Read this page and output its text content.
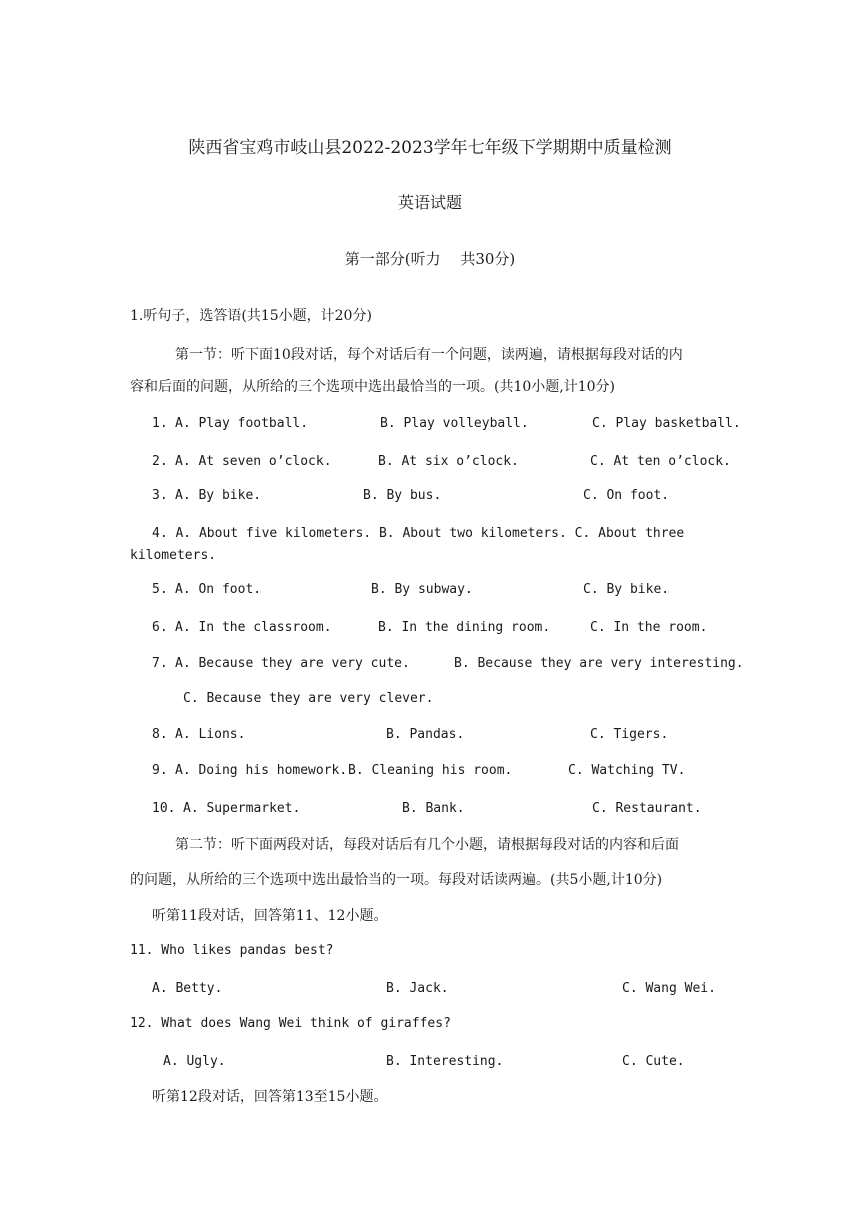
陕西省宝鸡市岐山县2022-2023学年七年级下学期期中质量检测
英语试题
第一部分(听力　 共30分)
1.听句子，选答语(共15小题，计20分)
第一节：听下面10段对话，每个对话后有一个问题，读两遍，请根据每段对话的内
容和后面的问题，从所给的三个选项中选出最恰当的一项。(共10小题,计10分)
1. A. Play football.	B. Play volleyball.	C. Play basketball.
2. A. At seven o’clock.	B. At six o’clock.	C. At ten o’clock.
3. A. By bike.	B. By bus.	C. On foot.
4. A. About five kilometers. B. About two kilometers. C. About three
kilometers.
5. A. On foot.	B. By subway.	C. By bike.
6. A. In the classroom.	B. In the dining room.	C. In the room.
7. A. Because they are very cute.	B. Because they are very interesting.
C. Because they are very clever.
8. A. Lions.	B. Pandas.	C. Tigers.
9. A. Doing his homework. B. Cleaning his room.	C. Watching TV.
10. A. Supermarket.	B. Bank.	C. Restaurant.
第二节：听下面两段对话，每段对话后有几个小题，请根据每段对话的内容和后面
的问题，从所给的三个选项中选出最恰当的一项。每段对话读两遍。(共5小题,计10分)
听第11段对话，回答第11、12小题。
11. Who likes pandas best?
A. Betty.	B. Jack.	C. Wang Wei.
12. What does Wang Wei think of giraffes?
A. Ugly.	B. Interesting.	C. Cute.
听第12段对话，回答第13至15小题。
